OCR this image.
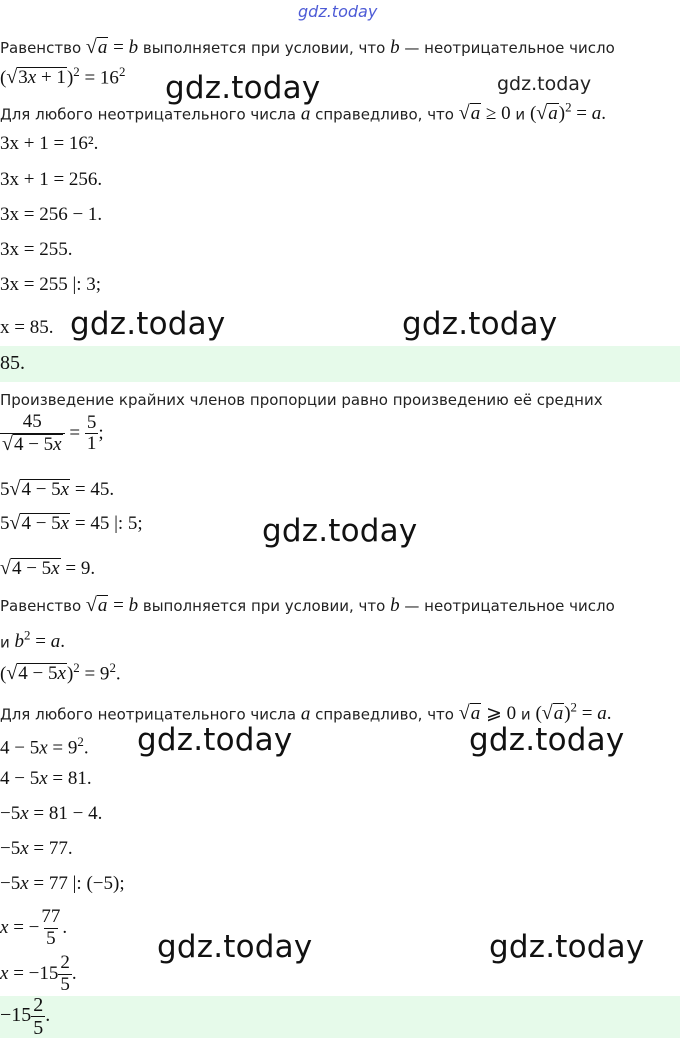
gdz.today
Равенство √a = b выполняется при условии, что b — неотрицательное число
$(√3x + 1)^2 = 16^2$ gdz.today	gdz.today
Для любого неотрицательного числа a справедливо, что √a ≥ 0 и $(√a)^2 = a$.
3x + 1 = 16².
3x + 1 = 256.
3x = 256 − 1.
3x = 255.
3x = 255 |: 3;
x = 85. gdz.today	gdz.today
85.
Произведение крайних членов пропорции равно произведению её средних
$\frac{45}{√4 - 5x} = \frac{5}{1}$ ;
5√4 − 5x = 45.
5√4 − 5x = 45 |: 5;	gdz.today
√4 − 5x = 9.
Равенство √a = b выполняется при условии, что b — неотрицательное число
и $b^2 = a$.
$(√4 - 5x)^2 = 9^2$.
Для любого неотрицательного числа a справедливо, что √a ⩾ 0 и $(√a)^2 = a$.
$4 - 5x = 9^2$. gdz.today	gdz.today
4 − 5x = 81.
−5x = 81 − 4.
−5x = 77.
−5x = 77 |: (−5);
x = − $\frac{77}{5}$ .
gdz.today	gdz.today
$x = -15 \frac{2}{5}$ .
$-15 \frac{2}{5}$ .
